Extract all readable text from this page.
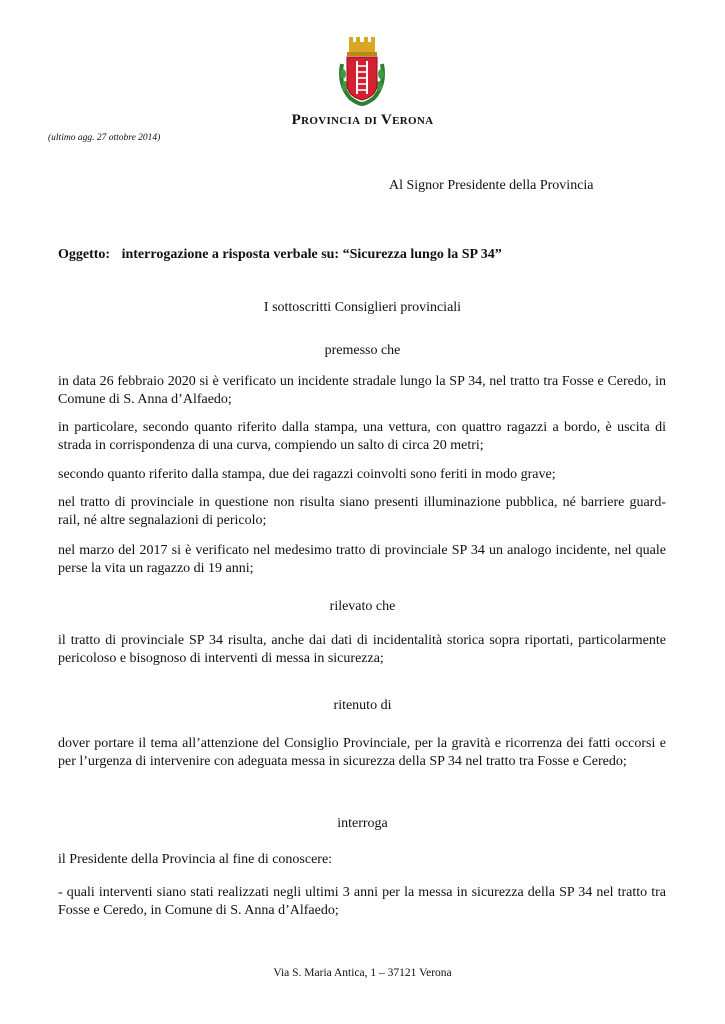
Provincia di Verona
(ultimo agg. 27 ottobre 2014)
Al Signor Presidente della Provincia
Oggetto: interrogazione a risposta verbale su: “Sicurezza lungo la SP 34”
I sottoscritti Consiglieri provinciali
premesso che
in data 26 febbraio 2020 si è verificato un incidente stradale lungo la SP 34, nel tratto tra Fosse e Ceredo, in Comune di S. Anna d’Alfaedo;
in particolare, secondo quanto riferito dalla stampa, una vettura, con quattro ragazzi a bordo, è uscita di strada in corrispondenza di una curva, compiendo un salto di circa 20 metri;
secondo quanto riferito dalla stampa, due dei ragazzi coinvolti sono feriti in modo grave;
nel tratto di provinciale in questione non risulta siano presenti illuminazione pubblica, né barriere guard-rail, né altre segnalazioni di pericolo;
nel marzo del 2017 si è verificato nel medesimo tratto di provinciale SP 34 un analogo incidente, nel quale perse la vita un ragazzo di 19 anni;
rilevato che
il tratto di provinciale SP 34 risulta, anche dai dati di incidentalità storica sopra riportati, particolarmente pericoloso e bisognoso di interventi di messa in sicurezza;
ritenuto di
dover portare il tema all’attenzione del Consiglio Provinciale, per la gravità e ricorrenza dei fatti occorsi e per l’urgenza di intervenire con adeguata messa in sicurezza della SP 34 nel tratto tra Fosse e Ceredo;
interroga
il Presidente della Provincia al fine di conoscere:
- quali interventi siano stati realizzati negli ultimi 3 anni per la messa in sicurezza della SP 34 nel tratto tra Fosse e Ceredo, in Comune di S. Anna d’Alfaedo;
Via S. Maria Antica, 1 – 37121 Verona
